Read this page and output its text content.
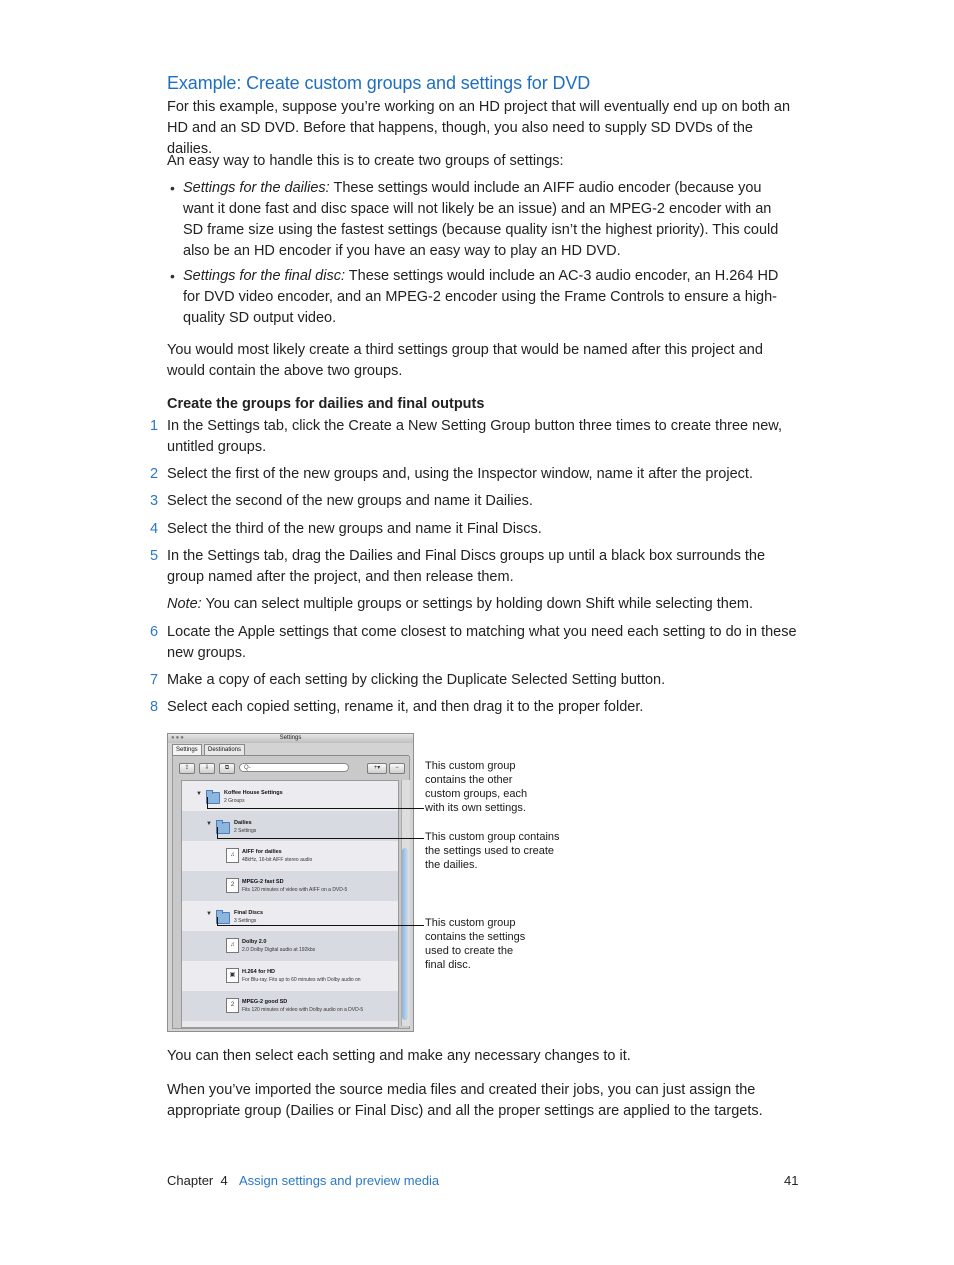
Example: Create custom groups and settings for DVD
For this example, suppose you’re working on an HD project that will eventually end up on both an HD and an SD DVD. Before that happens, though, you also need to supply SD DVDs of the dailies.
An easy way to handle this is to create two groups of settings:
• Settings for the dailies: These settings would include an AIFF audio encoder (because you want it done fast and disc space will not likely be an issue) and an MPEG-2 encoder with an SD frame size using the fastest settings (because quality isn’t the highest priority). This could also be an HD encoder if you have an easy way to play an HD DVD.
• Settings for the final disc: These settings would include an AC-3 audio encoder, an H.264 HD for DVD video encoder, and an MPEG-2 encoder using the Frame Controls to ensure a high-quality SD output video.
You would most likely create a third settings group that would be named after this project and would contain the above two groups.
Create the groups for dailies and final outputs
1 In the Settings tab, click the Create a New Setting Group button three times to create three new, untitled groups.
2 Select the first of the new groups and, using the Inspector window, name it after the project.
3 Select the second of the new groups and name it Dailies.
4 Select the third of the new groups and name it Final Discs.
5 In the Settings tab, drag the Dailies and Final Discs groups up until a black box surrounds the group named after the project, and then release them.
Note: You can select multiple groups or settings by holding down Shift while selecting them.
6 Locate the Apple settings that come closest to matching what you need each setting to do in these new groups.
7 Make a copy of each setting by clicking the Duplicate Selected Setting button.
8 Select each copied setting, rename it, and then drag it to the proper folder.
●●●	Settings
Settings	Destinations
⇪	⇩	⧉	Q-	+▾	−
▼	Koffee House Settings
2 Groups
▼	Dailies
2 Settings
♫	AIFF for dailies
48kHz, 16-bit AIFF stereo audio
2	MPEG-2 fast SD
Fits 120 minutes of video with AIFF on a DVD-5
▼	Final Discs
3 Settings
♫	Dolby 2.0
2.0 Dolby Digital audio at 192kbs
▣	H.264 for HD
For Blu-ray. Fits up to 60 minutes with Dolby audio on
2	MPEG-2 good SD
Fits 120 minutes of video with Dolby audio on a DVD-5
This custom group contains the other custom groups, each with its own settings.
This custom group contains the settings used to create the dailies.
This custom group contains the settings used to create the final disc.
You can then select each setting and make any necessary changes to it.
When you’ve imported the source media files and created their jobs, you can just assign the appropriate group (Dailies or Final Disc) and all the proper settings are applied to the targets.
Chapter  4 Assign settings and preview media	41
